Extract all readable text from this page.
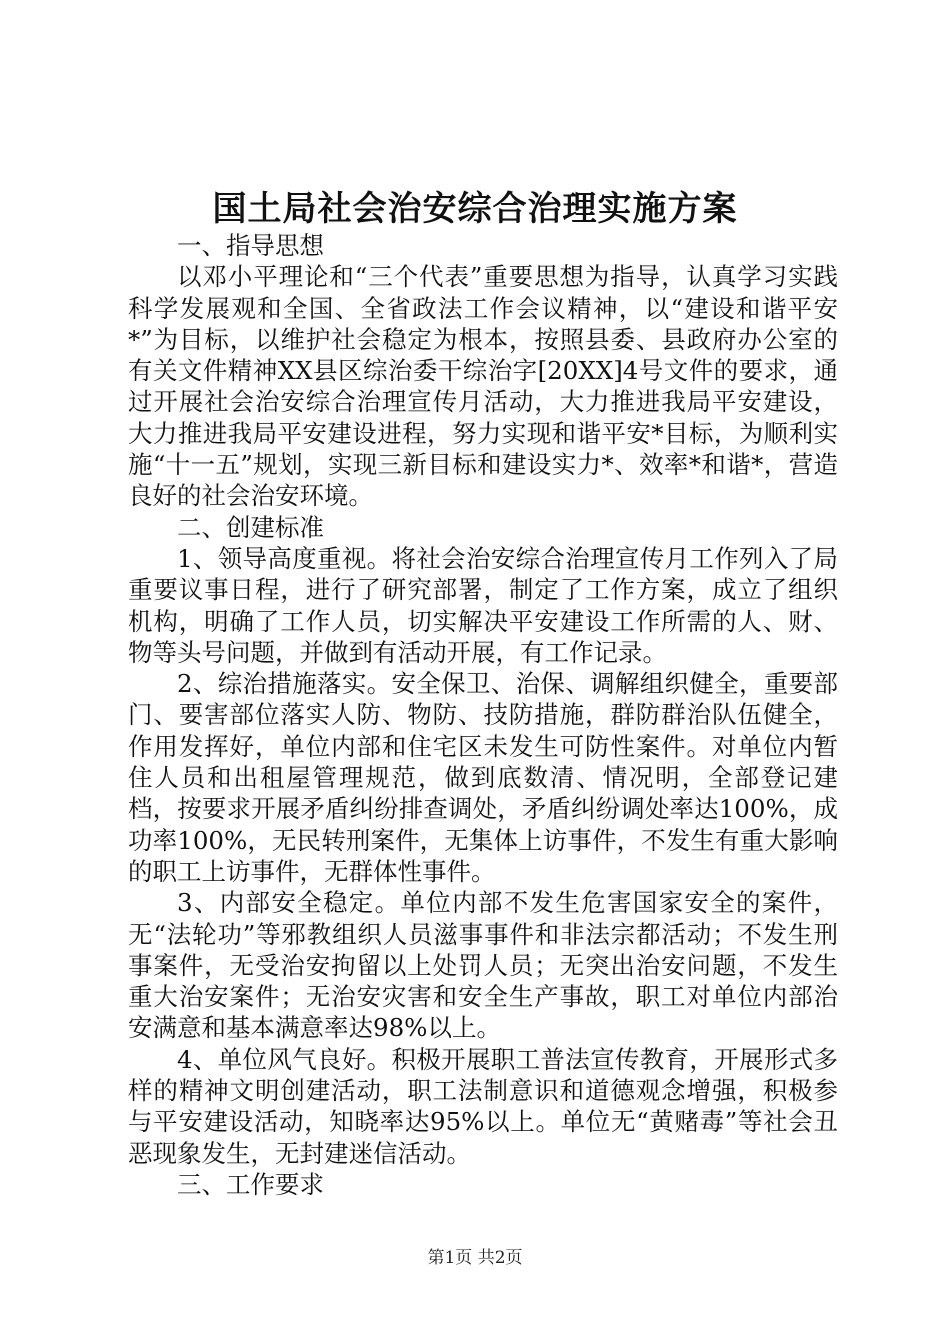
国土局社会治安综合治理实施方案

一、指导思想

以邓小平理论和“三个代表”重要思想为指导，认真学习实践科学发展观和全国、全省政法工作会议精神，以“建设和谐平安*”为目标，以维护社会稳定为根本，按照县委、县政府办公室的有关文件精神XX县区综治委干综治字[20XX]4号文件的要求，通过开展社会治安综合治理宣传月活动，大力推进我局平安建设，大力推进我局平安建设进程，努力实现和谐平安*目标，为顺利实施“十一五”规划，实现三新目标和建设实力*、效率*和谐*，营造良好的社会治安环境。

二、创建标准

1、领导高度重视。将社会治安综合治理宣传月工作列入了局重要议事日程，进行了研究部署，制定了工作方案，成立了组织机构，明确了工作人员，切实解决平安建设工作所需的人、财、物等头号问题，并做到有活动开展，有工作记录。

2、综治措施落实。安全保卫、治保、调解组织健全，重要部门、要害部位落实人防、物防、技防措施，群防群治队伍健全，作用发挥好，单位内部和住宅区未发生可防性案件。对单位内暂住人员和出租屋管理规范，做到底数清、情况明，全部登记建档，按要求开展矛盾纠纷排查调处，矛盾纠纷调处率达100%，成功率100%，无民转刑案件，无集体上访事件，不发生有重大影响的职工上访事件，无群体性事件。

3、内部安全稳定。单位内部不发生危害国家安全的案件，无“法轮功”等邪教组织人员滋事事件和非法宗都活动；不发生刑事案件，无受治安拘留以上处罚人员；无突出治安问题，不发生重大治安案件；无治安灾害和安全生产事故，职工对单位内部治安满意和基本满意率达98%以上。

4、单位风气良好。积极开展职工普法宣传教育，开展形式多样的精神文明创建活动，职工法制意识和道德观念增强，积极参与平安建设活动，知晓率达95%以上。单位无“黄赌毒”等社会丑恶现象发生，无封建迷信活动。

三、工作要求

第1页 共2页
